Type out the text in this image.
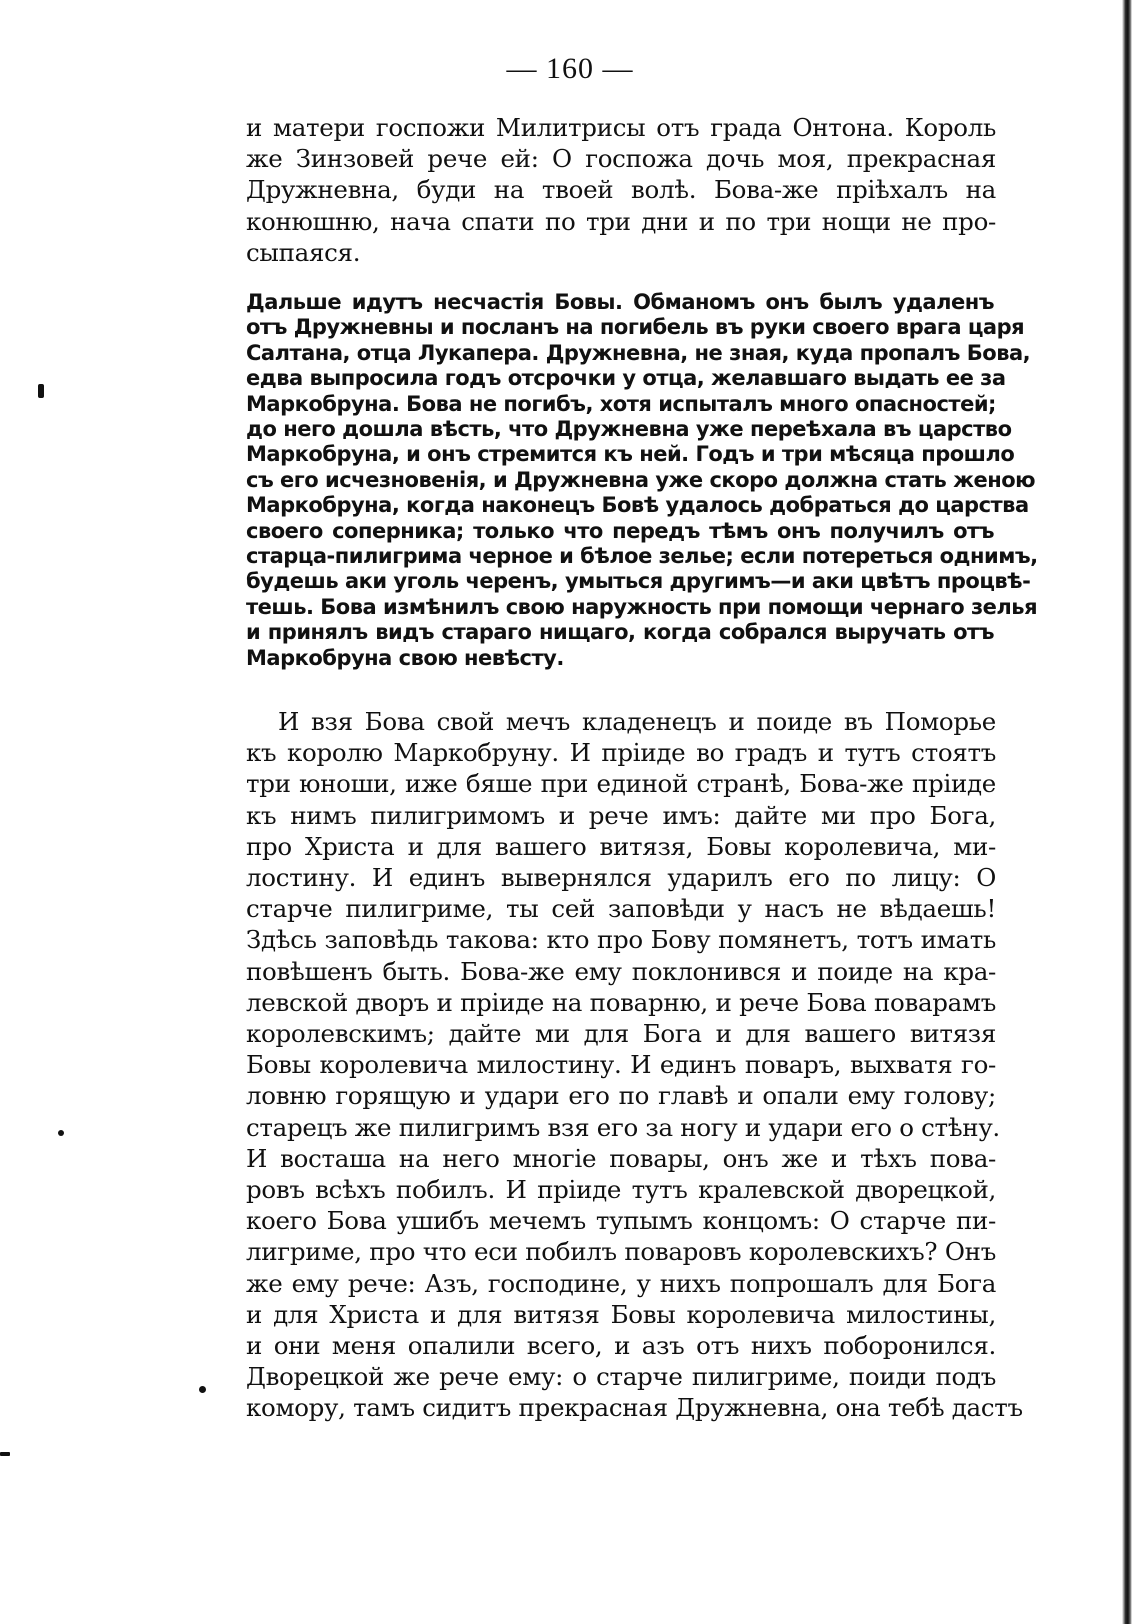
— 160 —
и матери госпожи Милитрисы отъ града Онтона. Король
же Зинзовей рече ей: О госпожа дочь моя, прекрасная
Дружневна, буди на твоей волѣ. Бова-же пріѣхалъ на
конюшню, нача спати по три дни и по три нощи не про-
сыпаяся.
Дальше идутъ несчастія Бовы. Обманомъ онъ былъ удаленъ
отъ Дружневны и посланъ на погибель въ руки своего врага царя
Салтана, отца Лукапера. Дружневна, не зная, куда пропалъ Бова,
едва выпросила годъ отсрочки у отца, желавшаго выдать ее за
Маркобруна. Бова не погибъ, хотя испыталъ много опасностей;
до него дошла вѣсть, что Дружневна уже переѣхала въ царство
Маркобруна, и онъ стремится къ ней. Годъ и три мѣсяца прошло
съ его исчезновенія, и Дружневна уже скоро должна стать женою
Маркобруна, когда наконецъ Бовѣ удалось добраться до царства
своего соперника; только что передъ тѣмъ онъ получилъ отъ
старца-пилигрима черное и бѣлое зелье; если потереться однимъ,
будешь аки уголь черенъ, умыться другимъ—и аки цвѣтъ процвѣ-
тешь. Бова измѣнилъ свою наружность при помощи чернаго зелья
и принялъ видъ стараго нищаго, когда собрался выручать отъ
Маркобруна свою невѣсту.
И взя Бова свой мечъ кладенецъ и поиде въ Поморье
къ королю Маркобруну. И пріиде во градъ и тутъ стоятъ
три юноши, иже бяше при единой странѣ, Бова-же пріиде
къ нимъ пилигримомъ и рече имъ: дайте ми про Бога,
про Христа и для вашего витязя, Бовы королевича, ми-
лостину. И единъ вывернялся ударилъ его по лицу: О
старче пилигриме, ты сей заповѣди у насъ не вѣдаешь!
Здѣсь заповѣдь такова: кто про Бову помянетъ, тотъ имать
повѣшенъ быть. Бова-же ему поклонився и поиде на кра-
левской дворъ и пріиде на поварню, и рече Бова поварамъ
королевскимъ; дайте ми для Бога и для вашего витязя
Бовы королевича милостину. И единъ поваръ, выхватя го-
ловню горящую и удари его по главѣ и опали ему голову;
старецъ же пилигримъ взя его за ногу и удари его о стѣну.
И восташа на него многіе повары, онъ же и тѣхъ пова-
ровъ всѣхъ побилъ. И пріиде тутъ кралевской дворецкой,
коего Бова ушибъ мечемъ тупымъ концомъ: О старче пи-
лигриме, про что еси побилъ поваровъ королевскихъ? Онъ
же ему рече: Азъ, господине, у нихъ попрошалъ для Бога
и для Христа и для витязя Бовы королевича милостины,
и они меня опалили всего, и азъ отъ нихъ поборонился.
Дворецкой же рече ему: о старче пилигриме, поиди подъ
комору, тамъ сидитъ прекрасная Дружневна, она тебѣ дастъ
